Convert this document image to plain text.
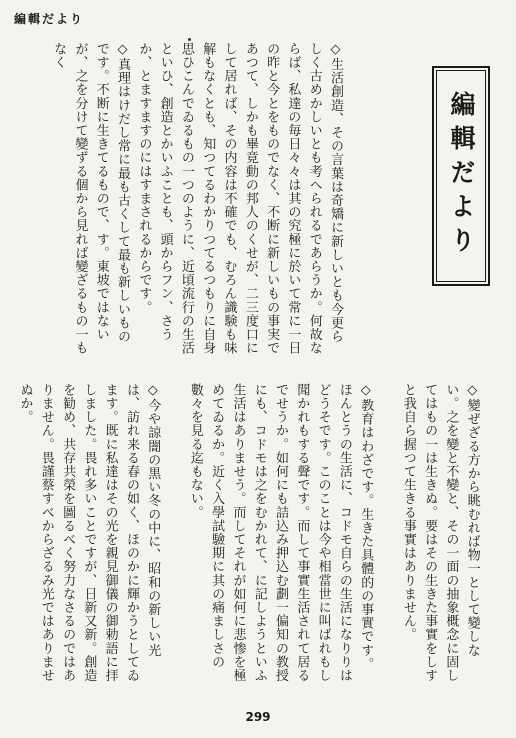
編輯だより
編輯だより
◇生活創造、その言葉は奇矯に新しいとも今更らしく古めかしいとも考へられるであらうか。何故ならば、私達の毎日々々は其の究極に於いて常に一日の昨と今とをものでなく、不断に新しいもの事実であつて、しかも畢竟動の邦人のくせが、二三度口にして居れば、その内容は不確でも、むろん識験も味解もなくとも、知つてるわかりつてるつもりに自身思ひこんでゐるもの一つのように、近頃流行の生活といひ、創造とかいふことも、頭からフン、さうか、とますますのにはすまされるからです。
◇真理はけだし常に最も古くして最も新しいものです。不断に生きてるもので、す。東坡ではないが、之を分けて變ずる個から見れば變ざるもの一もなく

◇變ぜざる方から眺むれば物一として變しない。之を變と不變と、その一面の抽象概念に固してはもの一は生きぬ。要はその生きた事實をしすと我自ら握つて生きる事實はありません。

◇教育はわざです。生きた具體的の事實です。ほんとうの生活に、コドモ自らの生活になりりはどうそです。このことは今や相當世に叫ばれもし聞かれもする聲です。而して事實生活されて居るでせうか。如何にも詰込み押込む劃一偏知の教授にも、コドモは之をむかれて、に記しようといふ生活はありませう。而してそれが如何に悲惨を極めてゐるか。近く入學試驗期に其の痛ましさの數々を見る迄もない。

◇今や諒闇の黒い冬の中に、昭和の新しい光は、訪れ来る春の如く、ほのかに輝かうとしてゐます。既に私達はその光を親見御儀の御勅語に拝しました。畏れ多いことですが、日新又新。創造を勧め、共存共榮を圖るべく努力なさるのではありません。畏謹蔡すべからざるみ光ではありませぬか。

299
